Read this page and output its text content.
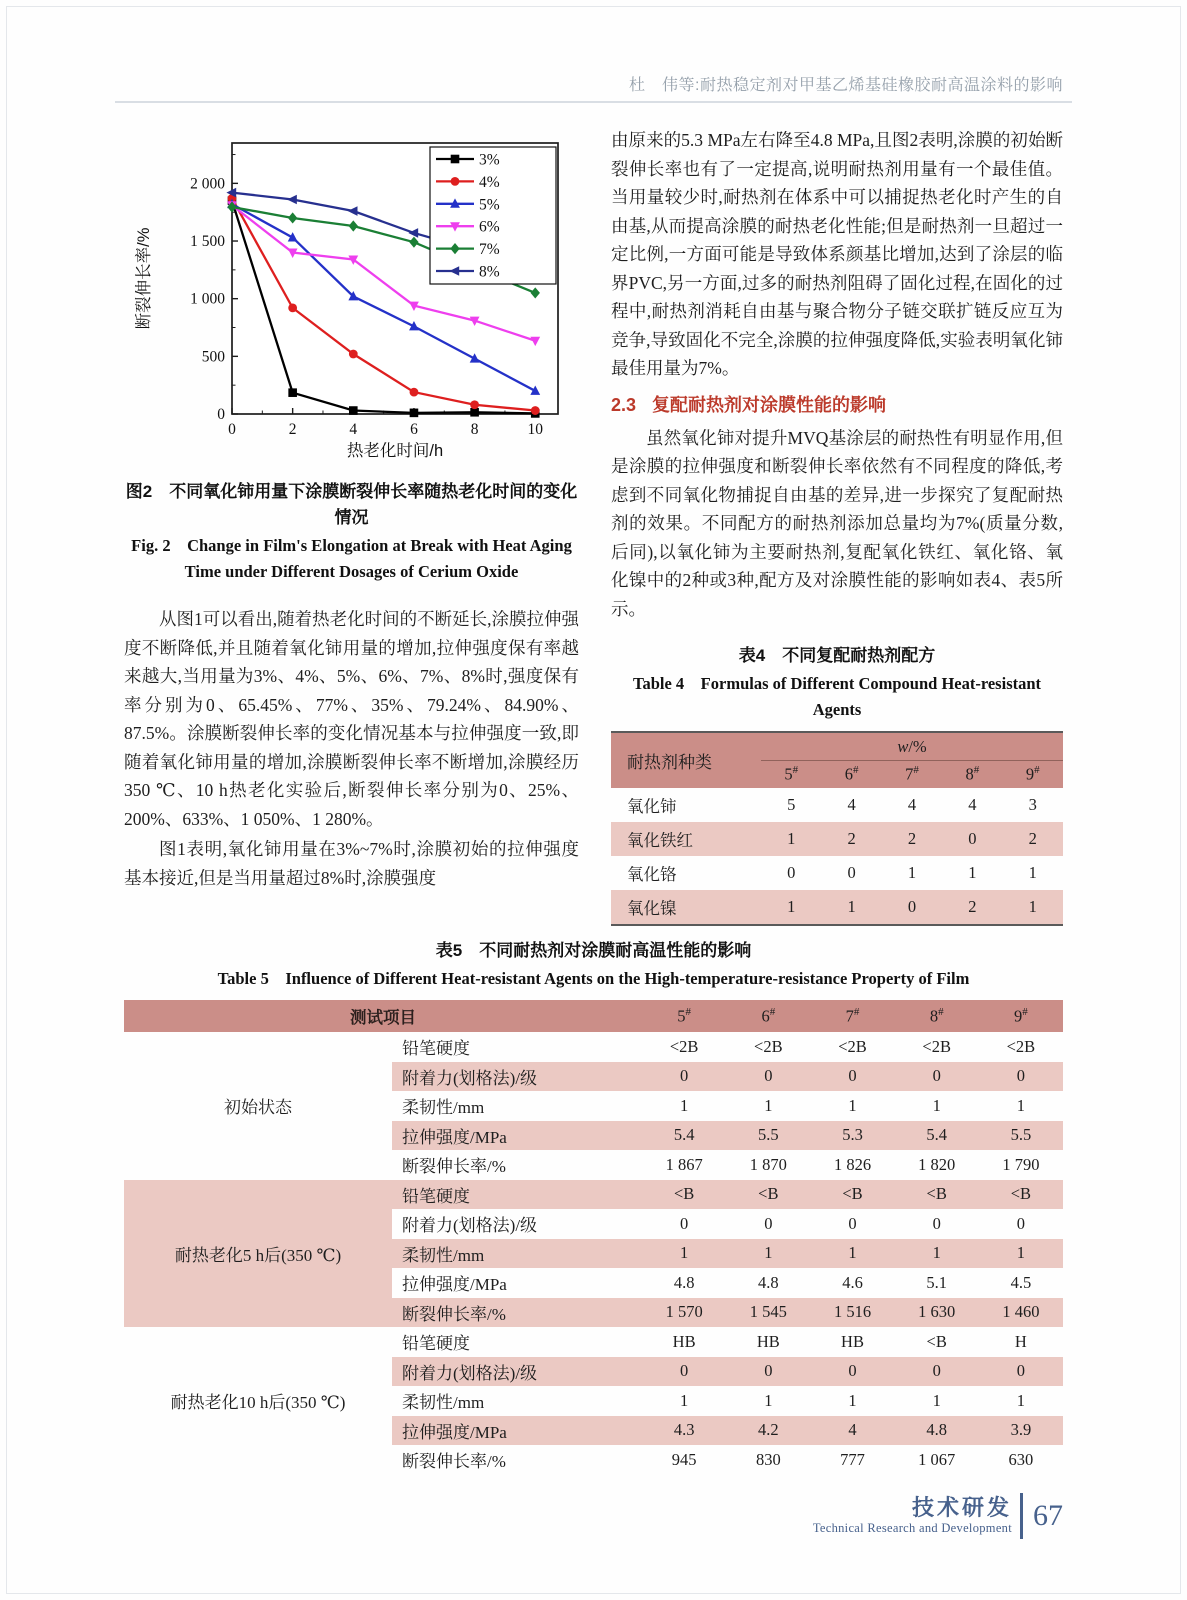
杜　伟等:耐热稳定剂对甲基乙烯基硅橡胶耐高温涂料的影响
0	2	4	6	8	10
0
500
1 000
1 500
2 000
热老化时间/h
断裂伸长率/%
3%
4%
5%
6%
7%
8%
图2　不同氧化铈用量下涂膜断裂伸长率随热老化时间的变化情况
Fig. 2　Change in Film's Elongation at Break with Heat Aging Time under Different Dosages of Cerium Oxide

从图1可以看出,随着热老化时间的不断延长,涂膜拉伸强度不断降低,并且随着氧化铈用量的增加,拉伸强度保有率越来越大,当用量为3%、4%、5%、6%、7%、8%时,强度保有率分别为0、65.45%、77%、35%、79.24%、84.90%、87.5%。涂膜断裂伸长率的变化情况基本与拉伸强度一致,即随着氧化铈用量的增加,涂膜断裂伸长率不断增加,涂膜经历350 ℃、10 h热老化实验后,断裂伸长率分别为0、25%、200%、633%、1 050%、1 280%。

图1表明,氧化铈用量在3%~7%时,涂膜初始的拉伸强度基本接近,但是当用量超过8%时,涂膜强度

由原来的5.3 MPa左右降至4.8 MPa,且图2表明,涂膜的初始断裂伸长率也有了一定提高,说明耐热剂用量有一个最佳值。当用量较少时,耐热剂在体系中可以捕捉热老化时产生的自由基,从而提高涂膜的耐热老化性能;但是耐热剂一旦超过一定比例,一方面可能是导致体系颜基比增加,达到了涂层的临界PVC,另一方面,过多的耐热剂阻碍了固化过程,在固化的过程中,耐热剂消耗自由基与聚合物分子链交联扩链反应互为竞争,导致固化不完全,涂膜的拉伸强度降低,实验表明氧化铈最佳用量为7%。

2.3 复配耐热剂对涂膜性能的影响

虽然氧化铈对提升MVQ基涂层的耐热性有明显作用,但是涂膜的拉伸强度和断裂伸长率依然有不同程度的降低,考虑到不同氧化物捕捉自由基的差异,进一步探究了复配耐热剂的效果。不同配方的耐热剂添加总量均为7%(质量分数,后同),以氧化铈为主要耐热剂,复配氧化铁红、氧化铬、氧化镍中的2种或3种,配方及对涂膜性能的影响如表4、表5所示。

表4　不同复配耐热剂配方
Table 4　Formulas of Different Compound Heat-resistant Agents
耐热剂种类	w/%				
	5#	6#	7#	8#	9#
氧化铈	5	4	4	4	3
氧化铁红	1	2	2	0	2
氧化铬	0	0	1	1	1
氧化镍	1	1	0	2	1
表5　不同耐热剂对涂膜耐高温性能的影响
Table 5　Influence of Different Heat-resistant Agents on the High-temperature-resistance Property of Film
测试项目		5#	6#	7#	8#	9#
初始状态	铅笔硬度	<2B	<2B	<2B	<2B	<2B
	附着力(划格法)/级	0	0	0	0	0
	柔韧性/mm	1	1	1	1	1
	拉伸强度/MPa	5.4	5.5	5.3	5.4	5.5
	断裂伸长率/%	1 867	1 870	1 826	1 820	1 790
耐热老化5 h后(350 ℃)	铅笔硬度	<B	<B	<B	<B	<B
	附着力(划格法)/级	0	0	0	0	0
	柔韧性/mm	1	1	1	1	1
	拉伸强度/MPa	4.8	4.8	4.6	5.1	4.5
	断裂伸长率/%	1 570	1 545	1 516	1 630	1 460
耐热老化10 h后(350 ℃)	铅笔硬度	HB	HB	HB	<B	H
	附着力(划格法)/级	0	0	0	0	0
	柔韧性/mm	1	1	1	1	1
	拉伸强度/MPa	4.3	4.2	4	4.8	3.9
	断裂伸长率/%	945	830	777	1 067	630
技术研发
Technical Research and Development 67
